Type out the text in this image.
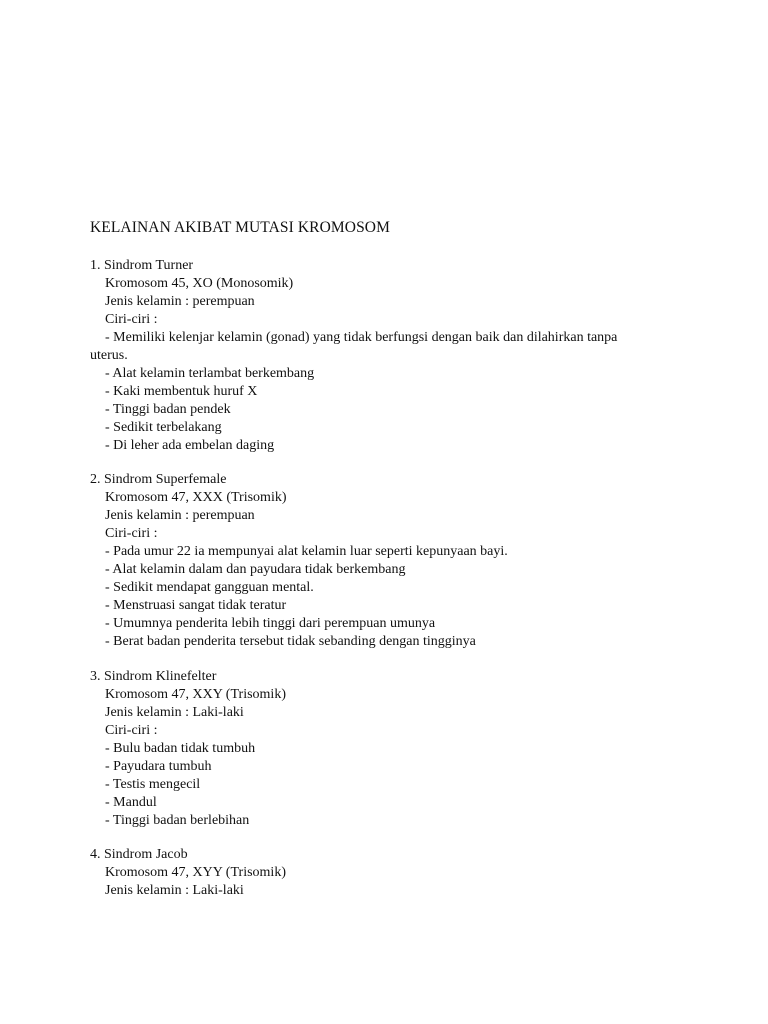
KELAINAN AKIBAT MUTASI KROMOSOM
1. Sindrom Turner
Kromosom 45, XO (Monosomik)
Jenis kelamin : perempuan
Ciri-ciri :
- Memiliki kelenjar kelamin (gonad) yang tidak berfungsi dengan baik dan dilahirkan tanpa
uterus.
- Alat kelamin terlambat berkembang
- Kaki membentuk huruf X
- Tinggi badan pendek
- Sedikit terbelakang
- Di leher ada embelan daging
2. Sindrom Superfemale
Kromosom 47, XXX (Trisomik)
Jenis kelamin : perempuan
Ciri-ciri :
- Pada umur 22 ia mempunyai alat kelamin luar seperti kepunyaan bayi.
- Alat kelamin dalam dan payudara tidak berkembang
- Sedikit mendapat gangguan mental.
- Menstruasi sangat tidak teratur
- Umumnya penderita lebih tinggi dari perempuan umunya
- Berat badan penderita tersebut tidak sebanding dengan tingginya
3. Sindrom Klinefelter
Kromosom 47, XXY (Trisomik)
Jenis kelamin : Laki-laki
Ciri-ciri :
- Bulu badan tidak tumbuh
- Payudara tumbuh
- Testis mengecil
- Mandul
- Tinggi badan berlebihan
4. Sindrom Jacob
Kromosom 47, XYY (Trisomik)
Jenis kelamin : Laki-laki
